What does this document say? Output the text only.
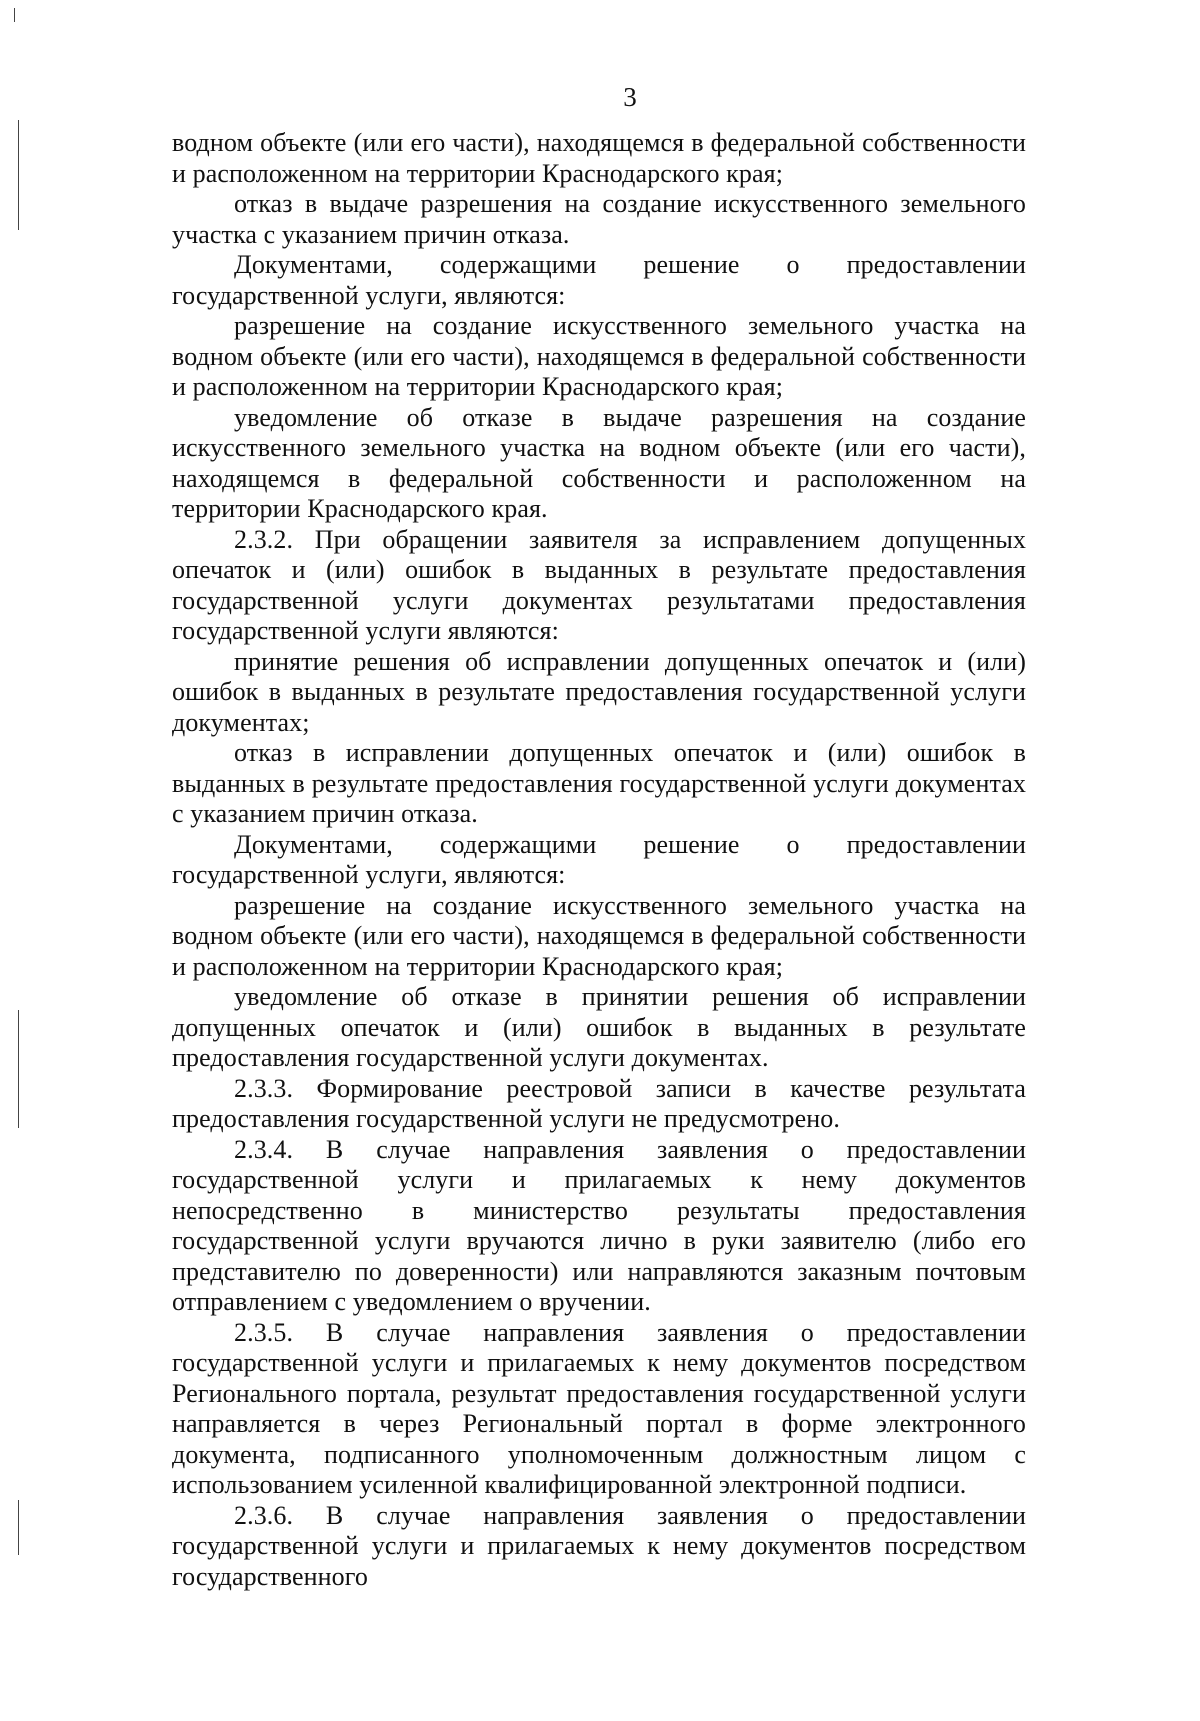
3

водном объекте (или его части), находящемся в федеральной собственности и расположенном на территории Краснодарского края;

отказ в выдаче разрешения на создание искусственного земельного участка с указанием причин отказа.

Документами, содержащими решение о предоставлении государственной услуги, являются:

разрешение на создание искусственного земельного участка на водном объекте (или его части), находящемся в федеральной собственности и расположенном на территории Краснодарского края;

уведомление об отказе в выдаче разрешения на создание искусственного земельного участка на водном объекте (или его части), находящемся в федеральной собственности и расположенном на территории Краснодарского края.

2.3.2. При обращении заявителя за исправлением допущенных опечаток и (или) ошибок в выданных в результате предоставления государственной услуги документах результатами предоставления государственной услуги являются:

принятие решения об исправлении допущенных опечаток и (или) ошибок в выданных в результате предоставления государственной услуги документах;

отказ в исправлении допущенных опечаток и (или) ошибок в выданных в результате предоставления государственной услуги документах с указанием причин отказа.

Документами, содержащими решение о предоставлении государственной услуги, являются:

разрешение на создание искусственного земельного участка на водном объекте (или его части), находящемся в федеральной собственности и расположенном на территории Краснодарского края;

уведомление об отказе в принятии решения об исправлении допущенных опечаток и (или) ошибок в выданных в результате предоставления государственной услуги документах.

2.3.3. Формирование реестровой записи в качестве результата предоставления государственной услуги не предусмотрено.

2.3.4. В случае направления заявления о предоставлении государственной услуги и прилагаемых к нему документов непосредственно в министерство результаты предоставления государственной услуги вручаются лично в руки заявителю (либо его представителю по доверенности) или направляются заказным почтовым отправлением с уведомлением о вручении.

2.3.5. В случае направления заявления о предоставлении государственной услуги и прилагаемых к нему документов посредством Регионального портала, результат предоставления государственной услуги направляется в через Региональный портал в форме электронного документа, подписанного уполномоченным должностным лицом с использованием усиленной квалифицированной электронной подписи.

2.3.6. В случае направления заявления о предоставлении государственной услуги и прилагаемых к нему документов посредством государственного
